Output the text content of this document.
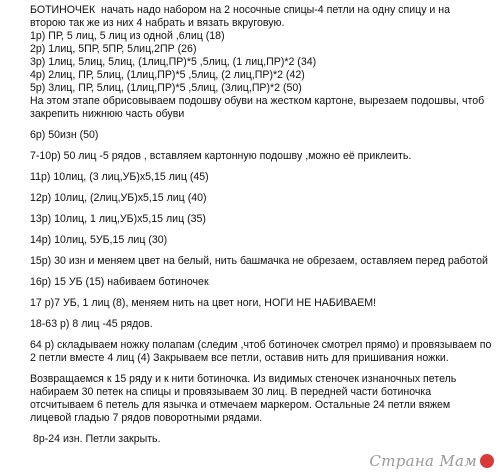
БОТИНОЧЕК  начать надо набором на 2 носочные спицы-4 петли на одну спицу и на
второю так же из них 4 набрать и вязать вкруговую.
1р) ПР, 5 лиц, 5 лиц из одной ,6лиц (18)
2р) 1лиц, 5ПР, 5ПР, 5лиц,2ПР (26)
3р) 1лиц, 5лиц, 5лиц, (1лиц,ПР)*5 ,5лиц, (1 лиц,ПР)*2 (34)
4р) 2лиц, ПР, 5лиц, (1лиц,ПР)*5 ,5лиц, (2 лиц,ПР)*2 (42)
5р) 3лиц, ПР, 5лиц, (1лиц,ПР)*5 ,5лиц, (3лиц,ПР)*2 (50)
На этом этапе обрисовываем подошву обуви на жестком картоне, вырезаем подошвы, чтоб закрепить нижнюю часть обуви
6р) 50изн (50)
7-10р) 50 лиц -5 рядов , вставляем картонную подошву ,можно её приклеить.
11р) 10лиц, (3 лиц,УБ)x5,15 лиц (45)
12р) 10лиц, (2лиц,УБ)x5,15 лиц (40)
13р) 10лиц, 1 лиц,УБ)x5,15 лиц (35)
14р) 10лиц, 5УБ,15 лиц (30)
15р) 30 изн и меняем цвет на белый, нить башмачка не обрезаем, оставляем перед работой
16р) 15 УБ (15) набиваем ботиночек
17 р)7 УБ, 1 лиц (8), меняем нить на цвет ноги, НОГИ НЕ НАБИВАЕМ!
18-63 р) 8 лиц -45 рядов.
64 р) складываем ножку полапам (следим ,чтоб ботиночек смотрел прямо) и провязываем по 2 петли вместе 4 лиц (4) Закрываем все петли, оставив нить для пришивания ножки.
Возвращаемся к 15 ряду и к нити ботиночка. Из видимых стеночек изнаночных петель набираем 30 петек на спицы и провязываем 30 лиц. В передней части ботиночка отсчитываем 6 петель для язычка и отмечаем маркером. Остальные 24 петли вяжем лицевой гладью 7 рядов поворотными рядами.
8р-24 изн. Петли закрыть.
Страна Мам
